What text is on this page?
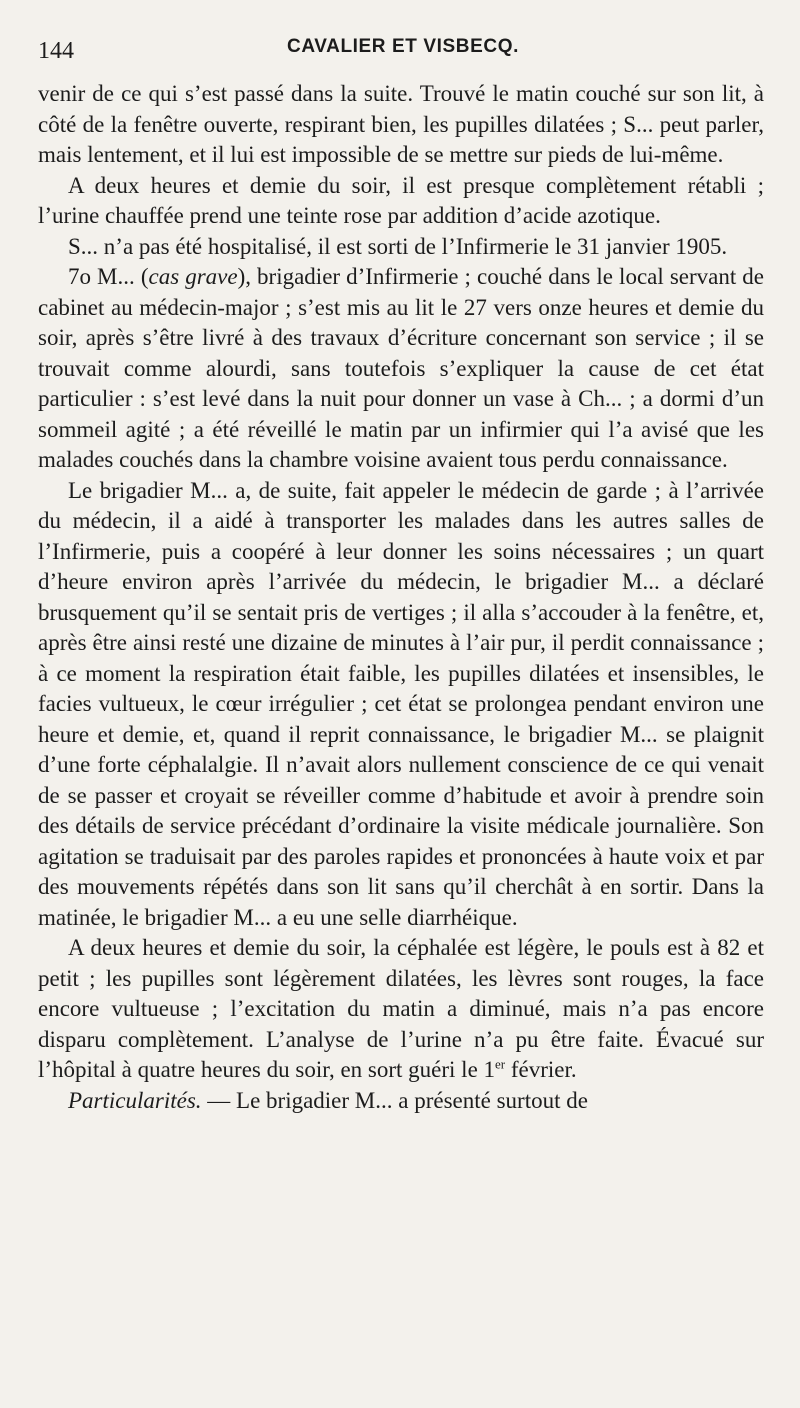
144	CAVALIER ET VISBECQ.

venir de ce qui s’est passé dans la suite. Trouvé le matin couché sur son lit, à côté de la fenêtre ouverte, respirant bien, les pupilles dilatées ; S... peut parler, mais lentement, et il lui est impossible de se mettre sur pieds de lui-même.

A deux heures et demie du soir, il est presque complètement rétabli ; l’urine chauffée prend une teinte rose par addition d’acide azotique.

S... n’a pas été hospitalisé, il est sorti de l’Infirmerie le 31 janvier 1905.

7o M... (cas grave), brigadier d’Infirmerie ; couché dans le local servant de cabinet au médecin-major ; s’est mis au lit le 27 vers onze heures et demie du soir, après s’être livré à des travaux d’écriture concernant son service ; il se trouvait comme alourdi, sans toutefois s’expliquer la cause de cet état particulier : s’est levé dans la nuit pour donner un vase à Ch... ; a dormi d’un sommeil agité ; a été réveillé le matin par un infirmier qui l’a avisé que les malades couchés dans la chambre voisine avaient tous perdu connaissance.

Le brigadier M... a, de suite, fait appeler le médecin de garde ; à l’arrivée du médecin, il a aidé à transporter les malades dans les autres salles de l’Infirmerie, puis a coopéré à leur donner les soins nécessaires ; un quart d’heure environ après l’arrivée du médecin, le brigadier M... a déclaré brusquement qu’il se sentait pris de vertiges ; il alla s’accouder à la fenêtre, et, après être ainsi resté une dizaine de minutes à l’air pur, il perdit connaissance ; à ce moment la respiration était faible, les pupilles dilatées et insensibles, le facies vultueux, le cœur irrégulier ; cet état se prolongea pendant environ une heure et demie, et, quand il reprit connaissance, le brigadier M... se plaignit d’une forte céphalalgie. Il n’avait alors nullement conscience de ce qui venait de se passer et croyait se réveiller comme d’habitude et avoir à prendre soin des détails de service précédant d’ordinaire la visite médicale journalière. Son agitation se traduisait par des paroles rapides et prononcées à haute voix et par des mouvements répétés dans son lit sans qu’il cherchât à en sortir. Dans la matinée, le brigadier M... a eu une selle diarrhéique.

A deux heures et demie du soir, la céphalée est légère, le pouls est à 82 et petit ; les pupilles sont légèrement dilatées, les lèvres sont rouges, la face encore vultueuse ; l’excitation du matin a diminué, mais n’a pas encore disparu complètement. L’analyse de l’urine n’a pu être faite. Évacué sur l’hôpital à quatre heures du soir, en sort guéri le 1er février.

Particularités. — Le brigadier M... a présenté surtout de
